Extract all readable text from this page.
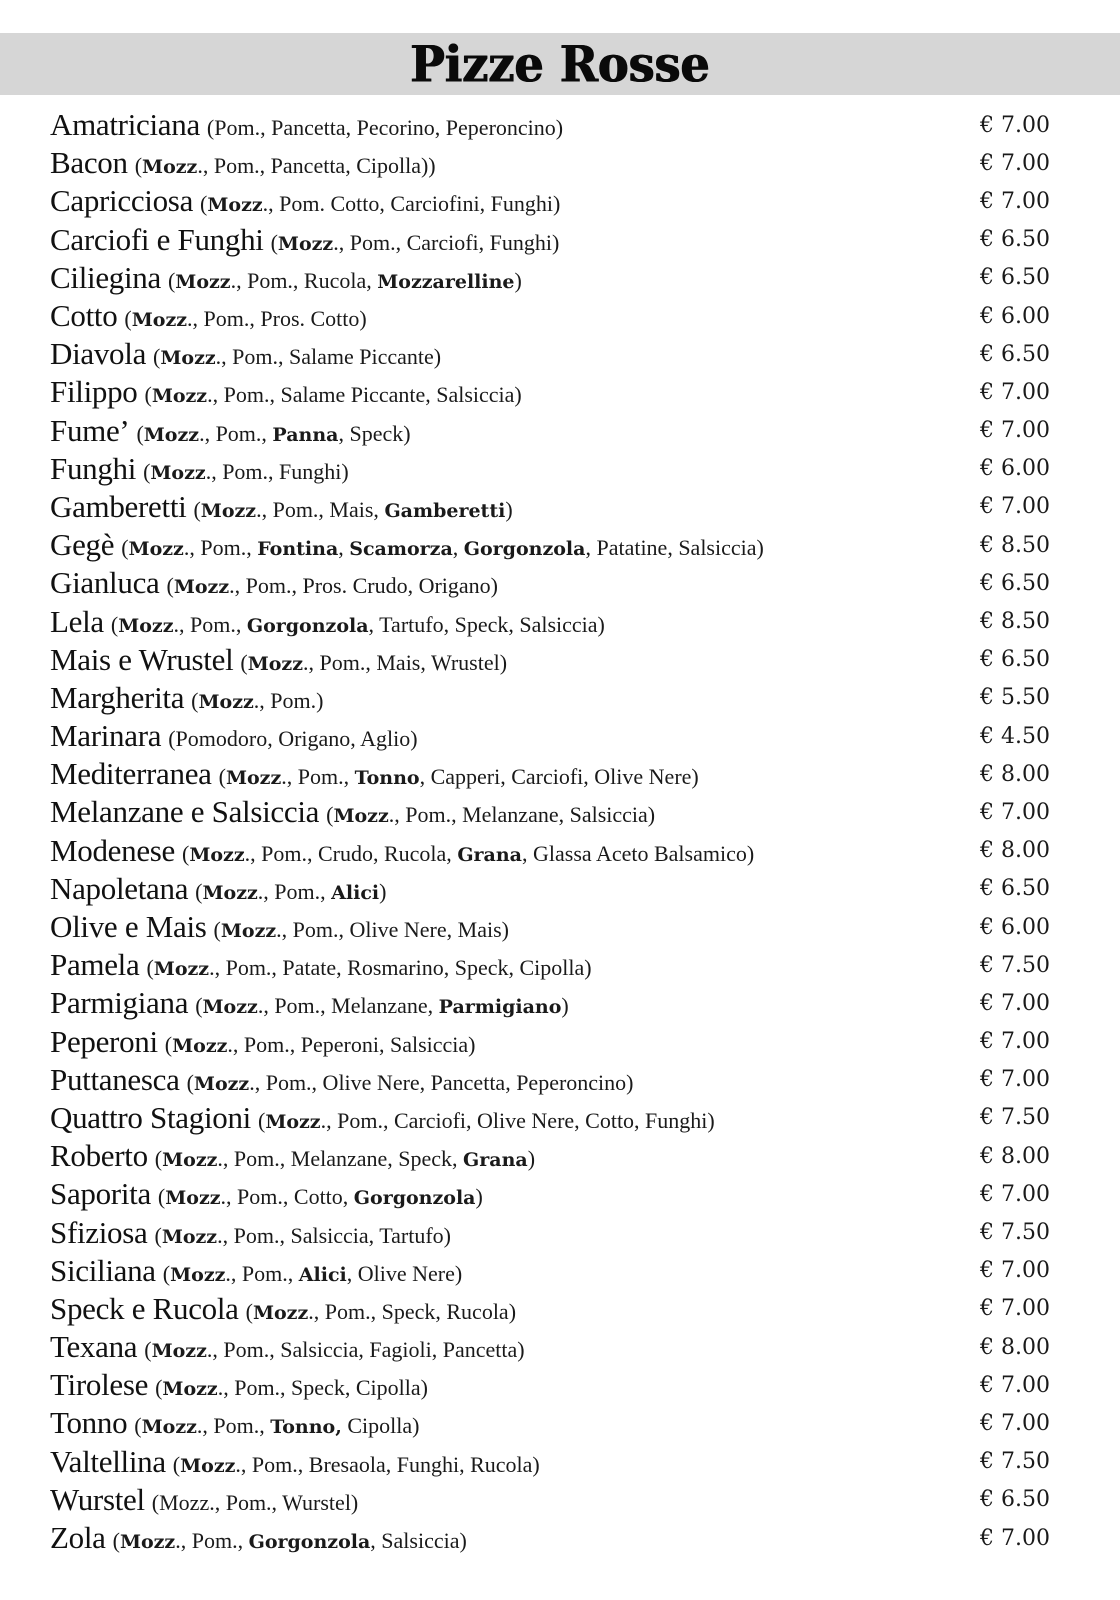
Pizze Rosse
Amatriciana (Pom., Pancetta, Pecorino, Peperoncino)	€ 7.00
Bacon (Mozz., Pom., Pancetta, Cipolla))	€ 7.00
Capricciosa (Mozz., Pom. Cotto, Carciofini, Funghi)	€ 7.00
Carciofi e Funghi (Mozz., Pom., Carciofi, Funghi)	€ 6.50
Ciliegina (Mozz., Pom., Rucola, Mozzarelline)	€ 6.50
Cotto (Mozz., Pom., Pros. Cotto)	€ 6.00
Diavola (Mozz., Pom., Salame Piccante)	€ 6.50
Filippo (Mozz., Pom., Salame Piccante, Salsiccia)	€ 7.00
Fume’ (Mozz., Pom., Panna, Speck)	€ 7.00
Funghi (Mozz., Pom., Funghi)	€ 6.00
Gamberetti (Mozz., Pom., Mais, Gamberetti)	€ 7.00
Gegè (Mozz., Pom., Fontina, Scamorza, Gorgonzola, Patatine, Salsiccia)	€ 8.50
Gianluca (Mozz., Pom., Pros. Crudo, Origano)	€ 6.50
Lela (Mozz., Pom., Gorgonzola, Tartufo, Speck, Salsiccia)	€ 8.50
Mais e Wrustel (Mozz., Pom., Mais, Wrustel)	€ 6.50
Margherita (Mozz., Pom.)	€ 5.50
Marinara (Pomodoro, Origano, Aglio)	€ 4.50
Mediterranea (Mozz., Pom., Tonno, Capperi, Carciofi, Olive Nere)	€ 8.00
Melanzane e Salsiccia (Mozz., Pom., Melanzane, Salsiccia)	€ 7.00
Modenese (Mozz., Pom., Crudo, Rucola, Grana, Glassa Aceto Balsamico)	€ 8.00
Napoletana (Mozz., Pom., Alici)	€ 6.50
Olive e Mais (Mozz., Pom., Olive Nere, Mais)	€ 6.00
Pamela (Mozz., Pom., Patate, Rosmarino, Speck, Cipolla)	€ 7.50
Parmigiana (Mozz., Pom., Melanzane, Parmigiano)	€ 7.00
Peperoni (Mozz., Pom., Peperoni, Salsiccia)	€ 7.00
Puttanesca (Mozz., Pom., Olive Nere, Pancetta, Peperoncino)	€ 7.00
Quattro Stagioni (Mozz., Pom., Carciofi, Olive Nere, Cotto, Funghi)	€ 7.50
Roberto (Mozz., Pom., Melanzane, Speck, Grana)	€ 8.00
Saporita (Mozz., Pom., Cotto, Gorgonzola)	€ 7.00
Sfiziosa (Mozz., Pom., Salsiccia, Tartufo)	€ 7.50
Siciliana (Mozz., Pom., Alici, Olive Nere)	€ 7.00
Speck e Rucola (Mozz., Pom., Speck, Rucola)	€ 7.00
Texana (Mozz., Pom., Salsiccia, Fagioli, Pancetta)	€ 8.00
Tirolese (Mozz., Pom., Speck, Cipolla)	€ 7.00
Tonno (Mozz., Pom., Tonno, Cipolla)	€ 7.00
Valtellina (Mozz., Pom., Bresaola, Funghi, Rucola)	€ 7.50
Wurstel (Mozz., Pom., Wurstel)	€ 6.50
Zola (Mozz., Pom., Gorgonzola, Salsiccia)	€ 7.00
